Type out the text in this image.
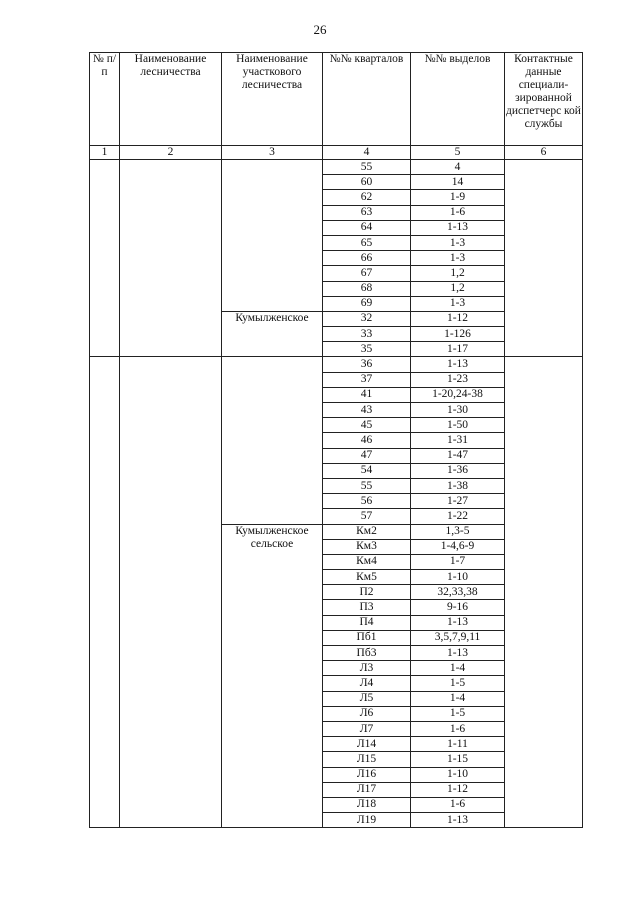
26
№ п/п	Наименование лесничества	Наименование участкового лесничества	№№ кварталов	№№ выделов	Контактные данные специали-зированной диспетчерс кой службы
1	2	3	4	5	6
			55	4	
			60	14	
			62	1-9	
			63	1-6	
			64	1-13	
			65	1-3	
			66	1-3	
			67	1,2	
			68	1,2	
			69	1-3	
		Кумылженское	32	1-12	
			33	1-126	
			35	1-17	
			36	1-13	
			37	1-23	
			41	1-20,24-38	
			43	1-30	
			45	1-50	
			46	1-31	
			47	1-47	
			54	1-36	
			55	1-38	
			56	1-27	
			57	1-22	
		Кумылженское сельское	Км2	1,3-5	
			Км3	1-4,6-9	
			Км4	1-7	
			Км5	1-10	
			П2	32,33,38	
			П3	9-16	
			П4	1-13	
			Пб1	3,5,7,9,11	
			Пб3	1-13	
			Л3	1-4	
			Л4	1-5	
			Л5	1-4	
			Л6	1-5	
			Л7	1-6	
			Л14	1-11	
			Л15	1-15	
			Л16	1-10	
			Л17	1-12	
			Л18	1-6	
			Л19	1-13	
